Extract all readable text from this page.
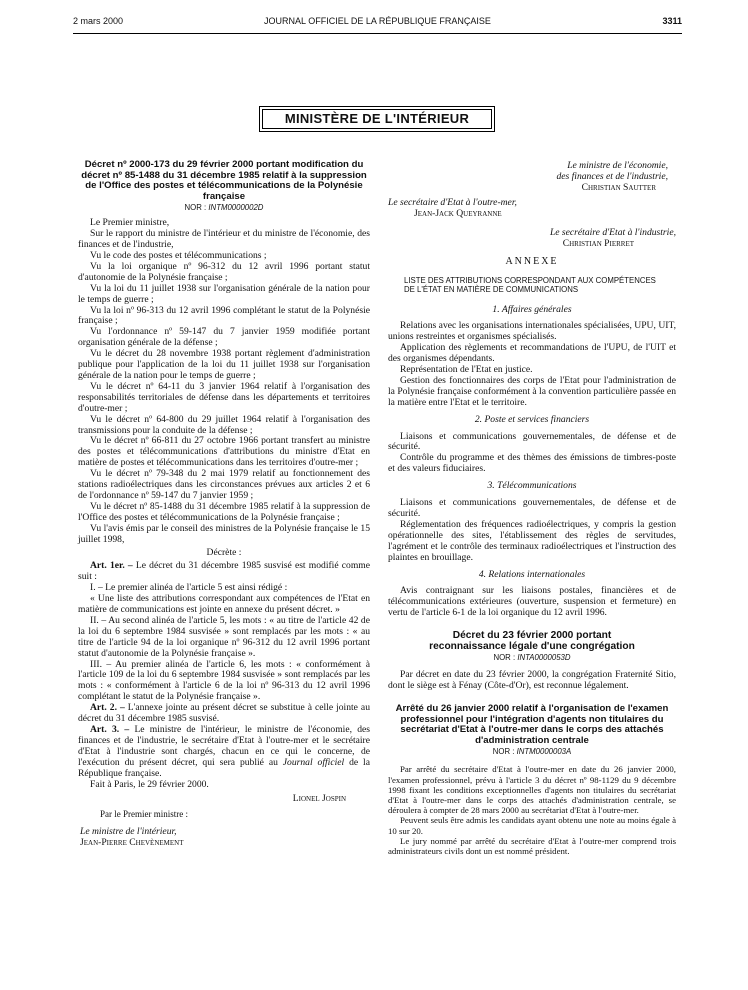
2 mars 2000	JOURNAL OFFICIEL DE LA RÉPUBLIQUE FRANÇAISE	3311
MINISTÈRE DE L'INTÉRIEUR
Décret nº 2000-173 du 29 février 2000 portant modification du décret nº 85-1488 du 31 décembre 1985 relatif à la suppression de l'Office des postes et télécommunications de la Polynésie française
NOR : INTM0000002D

Le Premier ministre,

Sur le rapport du ministre de l'intérieur et du ministre de l'économie, des finances et de l'industrie,

Vu le code des postes et télécommunications ;

Vu la loi organique nº 96-312 du 12 avril 1996 portant statut d'autonomie de la Polynésie française ;

Vu la loi du 11 juillet 1938 sur l'organisation générale de la nation pour le temps de guerre ;

Vu la loi nº 96-313 du 12 avril 1996 complétant le statut de la Polynésie française ;

Vu l'ordonnance nº 59-147 du 7 janvier 1959 modifiée portant organisation générale de la défense ;

Vu le décret du 28 novembre 1938 portant règlement d'administration publique pour l'application de la loi du 11 juillet 1938 sur l'organisation générale de la nation pour le temps de guerre ;

Vu le décret nº 64-11 du 3 janvier 1964 relatif à l'organisation des responsabilités territoriales de défense dans les départements et territoires d'outre-mer ;

Vu le décret nº 64-800 du 29 juillet 1964 relatif à l'organisation des transmissions pour la conduite de la défense ;

Vu le décret nº 66-811 du 27 octobre 1966 portant transfert au ministre des postes et télécommunications d'attributions du ministre d'Etat en matière de postes et télécommunications dans les territoires d'outre-mer ;

Vu le décret nº 79-348 du 2 mai 1979 relatif au fonctionnement des stations radioélectriques dans les circonstances prévues aux articles 2 et 6 de l'ordonnance nº 59-147 du 7 janvier 1959 ;

Vu le décret nº 85-1488 du 31 décembre 1985 relatif à la suppression de l'Office des postes et télécommunications de la Polynésie française ;

Vu l'avis émis par le conseil des ministres de la Polynésie française le 15 juillet 1998,

Décrète :

Art. 1er. – Le décret du 31 décembre 1985 susvisé est modifié comme suit :

I. – Le premier alinéa de l'article 5 est ainsi rédigé :

« Une liste des attributions correspondant aux compétences de l'Etat en matière de communications est jointe en annexe du présent décret. »

II. – Au second alinéa de l'article 5, les mots : « au titre de l'article 42 de la loi du 6 septembre 1984 susvisée » sont remplacés par les mots : « au titre de l'article 94 de la loi organique nº 96-312 du 12 avril 1996 portant statut d'autonomie de la Polynésie française ».

III. – Au premier alinéa de l'article 6, les mots : « conformément à l'article 109 de la loi du 6 septembre 1984 susvisée » sont remplacés par les mots : « conformément à l'article 6 de la loi nº 96-313 du 12 avril 1996 complétant le statut de la Polynésie française ».

Art. 2. – L'annexe jointe au présent décret se substitue à celle jointe au décret du 31 décembre 1985 susvisé.

Art. 3. – Le ministre de l'intérieur, le ministre de l'économie, des finances et de l'industrie, le secrétaire d'Etat à l'outre-mer et le secrétaire d'Etat à l'industrie sont chargés, chacun en ce qui le concerne, de l'exécution du présent décret, qui sera publié au Journal officiel de la République française.

Fait à Paris, le 29 février 2000.

Lionel Jospin

Par le Premier ministre :

Le ministre de l'intérieur,

Jean-Pierre Chevènement

Le ministre de l'économie,

des finances et de l'industrie,

Christian Sautter

Le secrétaire d'Etat à l'outre-mer,

Jean-Jack Queyranne

Le secrétaire d'Etat à l'industrie,

Christian Pierret

ANNEXE

LISTE DES ATTRIBUTIONS CORRESPONDANT AUX COMPÉTENCES DE L'ÉTAT EN MATIÈRE DE COMMUNICATIONS

1. Affaires générales

Relations avec les organisations internationales spécialisées, UPU, UIT, unions restreintes et organismes spécialisés.

Application des règlements et recommandations de l'UPU, de l'UIT et des organismes dépendants.

Représentation de l'Etat en justice.

Gestion des fonctionnaires des corps de l'Etat pour l'administration de la Polynésie française conformément à la convention particulière passée en la matière entre l'Etat et le territoire.

2. Poste et services financiers

Liaisons et communications gouvernementales, de défense et de sécurité.

Contrôle du programme et des thèmes des émissions de timbres-poste et des valeurs fiduciaires.

3. Télécommunications

Liaisons et communications gouvernementales, de défense et de sécurité.

Réglementation des fréquences radioélectriques, y compris la gestion opérationnelle des sites, l'établissement des règles de servitudes, l'agrément et le contrôle des terminaux radioélectriques et l'instruction des plaintes en brouillage.

4. Relations internationales

Avis contraignant sur les liaisons postales, financières et de télécommunications extérieures (ouverture, suspension et fermeture) en vertu de l'article 6-1 de la loi organique du 12 avril 1996.

Décret du 23 février 2000 portant reconnaissance légale d'une congrégation
NOR : INTA0000053D

Par décret en date du 23 février 2000, la congrégation Fraternité Sitio, dont le siège est à Fénay (Côte-d'Or), est reconnue légalement.

Arrêté du 26 janvier 2000 relatif à l'organisation de l'examen professionnel pour l'intégration d'agents non titulaires du secrétariat d'Etat à l'outre-mer dans le corps des attachés d'administration centrale
NOR : INTM0000003A

Par arrêté du secrétaire d'Etat à l'outre-mer en date du 26 janvier 2000, l'examen professionnel, prévu à l'article 3 du décret nº 98-1129 du 9 décembre 1998 fixant les conditions exceptionnelles d'agents non titulaires du secrétariat d'Etat à l'outre-mer dans le corps des attachés d'administration centrale, se déroulera à compter de 28 mars 2000 au secrétariat d'Etat à l'outre-mer.

Peuvent seuls être admis les candidats ayant obtenu une note au moins égale à 10 sur 20.

Le jury nommé par arrêté du secrétaire d'Etat à l'outre-mer comprend trois administrateurs civils dont un est nommé président.
